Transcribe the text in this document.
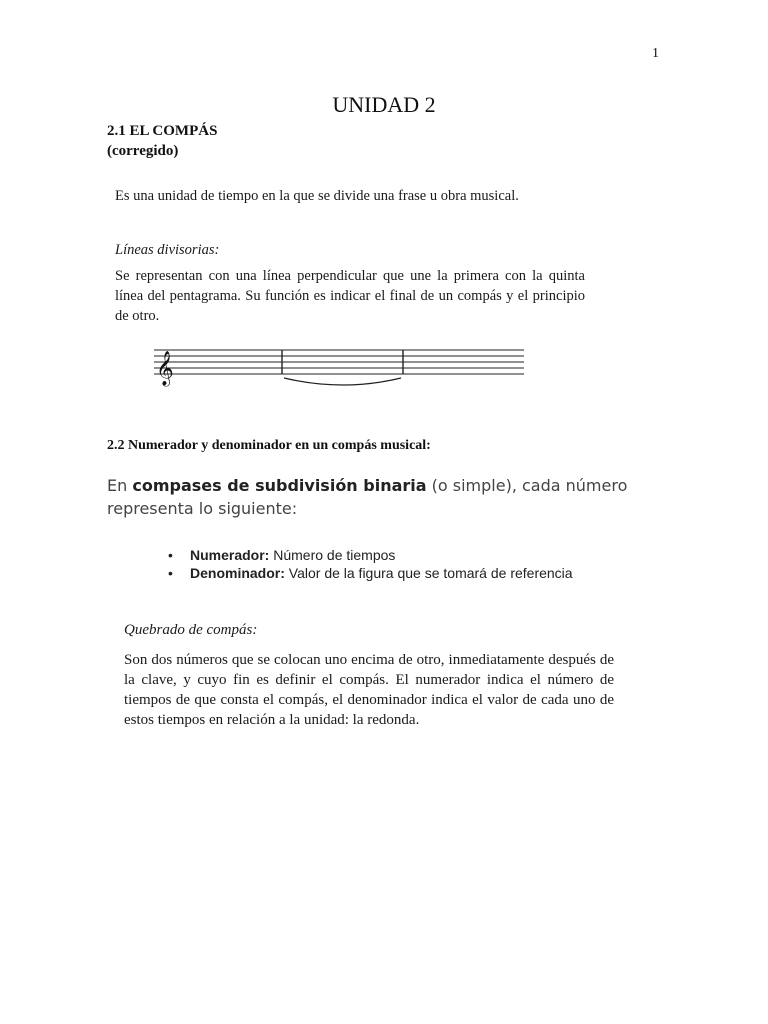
1
UNIDAD 2
2.1 EL COMPÁS
(corregido)
Es una unidad de tiempo en la que se divide una frase u obra musical.
Líneas divisorias:
Se representan con una línea perpendicular que une la primera con la quinta línea del pentagrama. Su función es indicar el final de un compás y el principio de otro.
𝄞
2.2 Numerador y denominador en un compás musical:
En compases de subdivisión binaria (o simple), cada número representa lo siguiente:
• Numerador: Número de tiempos
• Denominador: Valor de la figura que se tomará de referencia
Quebrado de compás:
Son dos números que se colocan uno encima de otro, inmediatamente después de la clave, y cuyo fin es definir el compás. El numerador indica el número de tiempos de que consta el compás, el denominador indica el valor de cada uno de estos tiempos en relación a la unidad: la redonda.
